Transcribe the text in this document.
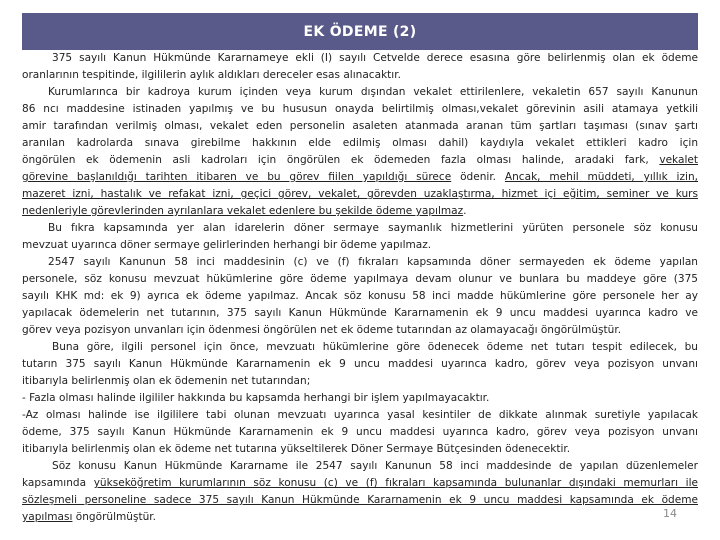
EK ÖDEME (2)
375 sayılı Kanun Hükmünde Kararnameye ekli (I) sayılı Cetvelde derece esasına göre belirlenmiş olan ek ödeme
oranlarının tespitinde, ilgililerin aylık aldıkları dereceler esas alınacaktır.
Kurumlarınca bir kadroya kurum içinden veya kurum dışından vekalet ettirilenlere, vekaletin 657 sayılı Kanunun
86 ncı maddesine istinaden yapılmış ve bu hususun onayda belirtilmiş olması,vekalet görevinin asili atamaya yetkili
amir tarafından verilmiş olması, vekalet eden personelin asaleten atanmada aranan tüm şartları taşıması (sınav şartı
aranılan kadrolarda sınava girebilme hakkının elde edilmiş olması dahil) kaydıyla vekalet ettikleri kadro için
öngörülen ek ödemenin asli kadroları için öngörülen ek ödemeden fazla olması halinde, aradaki fark, vekalet
görevine başlanıldığı tarihten itibaren ve bu görev fiilen yapıldığı sürece ödenir. Ancak, mehil müddeti, yıllık izin,
mazeret izni, hastalık ve refakat izni, geçici görev, vekalet, görevden uzaklaştırma, hizmet içi eğitim, seminer ve kurs
nedenleriyle görevlerinden ayrılanlara vekalet edenlere bu şekilde ödeme yapılmaz.
Bu fıkra kapsamında yer alan idarelerin döner sermaye saymanlık hizmetlerini yürüten personele söz konusu
mevzuat uyarınca döner sermaye gelirlerinden herhangi bir ödeme yapılmaz.
2547 sayılı Kanunun 58 inci maddesinin (c) ve (f) fıkraları kapsamında döner sermayeden ek ödeme yapılan
personele, söz konusu mevzuat hükümlerine göre ödeme yapılmaya devam olunur ve bunlara bu maddeye göre (375
sayılı KHK md: ek 9) ayrıca ek ödeme yapılmaz. Ancak söz konusu 58 inci madde hükümlerine göre personele her ay
yapılacak ödemelerin net tutarının, 375 sayılı Kanun Hükmünde Kararnamenin ek 9 uncu maddesi uyarınca kadro ve
görev veya pozisyon unvanları için ödenmesi öngörülen net ek ödeme tutarından az olamayacağı öngörülmüştür.
Buna göre, ilgili personel için önce, mevzuatı hükümlerine göre ödenecek ödeme net tutarı tespit edilecek, bu
tutarın 375 sayılı Kanun Hükmünde Kararnamenin ek 9 uncu maddesi uyarınca kadro, görev veya pozisyon unvanı
itibarıyla belirlenmiş olan ek ödemenin net tutarından;
- Fazla olması halinde ilgililer hakkında bu kapsamda herhangi bir işlem yapılmayacaktır.
-Az olması halinde ise ilgililere tabi olunan mevzuatı uyarınca yasal kesintiler de dikkate alınmak suretiyle yapılacak
ödeme, 375 sayılı Kanun Hükmünde Kararnamenin ek 9 uncu maddesi uyarınca kadro, görev veya pozisyon unvanı
itibarıyla belirlenmiş olan ek ödeme net tutarına yükseltilerek Döner Sermaye Bütçesinden ödenecektir.
Söz konusu Kanun Hükmünde Kararname ile 2547 sayılı Kanunun 58 inci maddesinde de yapılan düzenlemeler
kapsamında yükseköğretim kurumlarının söz konusu (c) ve (f) fıkraları kapsamında bulunanlar dışındaki memurları ile
sözleşmeli personeline sadece 375 sayılı Kanun Hükmünde Kararnamenin ek 9 uncu maddesi kapsamında ek ödeme
yapılması öngörülmüştür.	14
